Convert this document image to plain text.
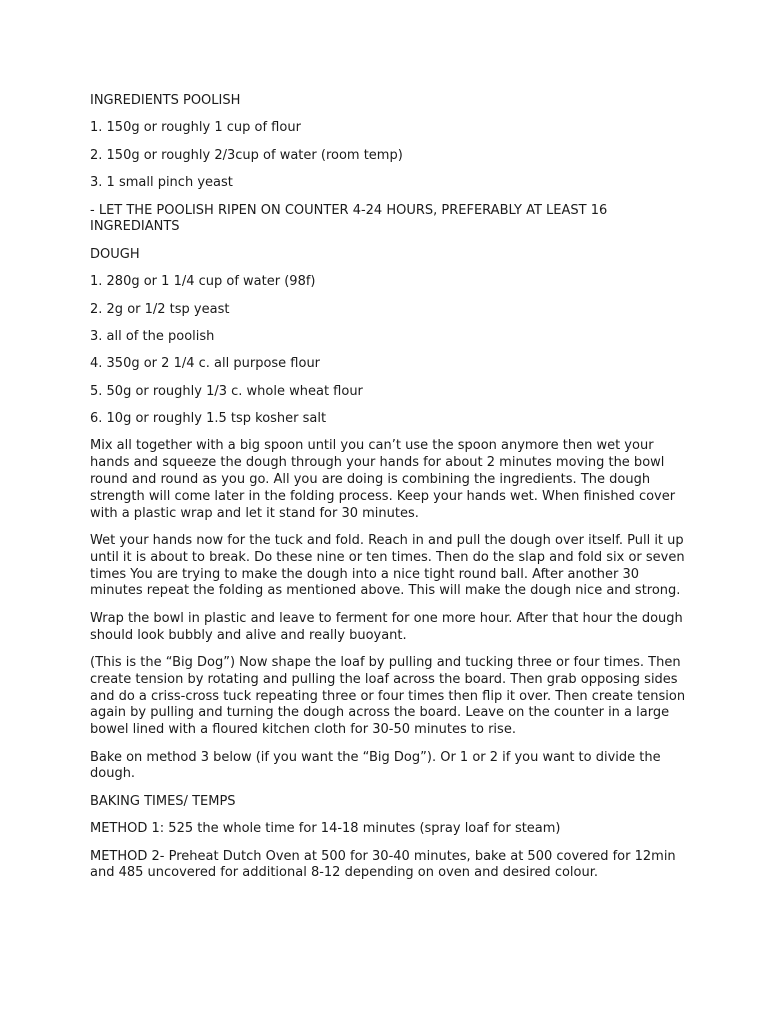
INGREDIENTS POOLISH

1. 150g or roughly 1 cup of flour

2. 150g or roughly 2/3cup of water (room temp)

3. 1 small pinch yeast

- LET THE POOLISH RIPEN ON COUNTER 4-24 HOURS, PREFERABLY AT LEAST 16 INGREDIANTS

DOUGH

1. 280g or 1 1/4 cup of water (98f)

2. 2g or 1/2 tsp yeast

3. all of the poolish

4. 350g or 2 1/4 c. all purpose flour

5. 50g or roughly 1/3 c. whole wheat flour

6. 10g or roughly 1.5 tsp kosher salt

Mix all together with a big spoon until you can’t use the spoon anymore then wet your hands and squeeze the dough through your hands for about 2 minutes moving the bowl round and round as you go. All you are doing is combining the ingredients. The dough strength will come later in the folding process. Keep your hands wet. When finished cover with a plastic wrap and let it stand for 30 minutes.

Wet your hands now for the tuck and fold. Reach in and pull the dough over itself. Pull it up until it is about to break. Do these nine or ten times. Then do the slap and fold six or seven times You are trying to make the dough into a nice tight round ball. After another 30 minutes repeat the folding as mentioned above. This will make the dough nice and strong.

Wrap the bowl in plastic and leave to ferment for one more hour. After that hour the dough should look bubbly and alive and really buoyant.

(This is the “Big Dog”) Now shape the loaf by pulling and tucking three or four times. Then create tension by rotating and pulling the loaf across the board. Then grab opposing sides and do a criss-cross tuck repeating three or four times then flip it over. Then create tension again by pulling and turning the dough across the board. Leave on the counter in a large bowel lined with a floured kitchen cloth for 30-50 minutes to rise.

Bake on method 3 below (if you want the “Big Dog”). Or 1 or 2 if you want to divide the dough.

BAKING TIMES/ TEMPS

METHOD 1: 525 the whole time for 14-18 minutes (spray loaf for steam)

METHOD 2- Preheat Dutch Oven at 500 for 30-40 minutes, bake at 500 covered for 12min and 485 uncovered for additional 8-12 depending on oven and desired colour.
